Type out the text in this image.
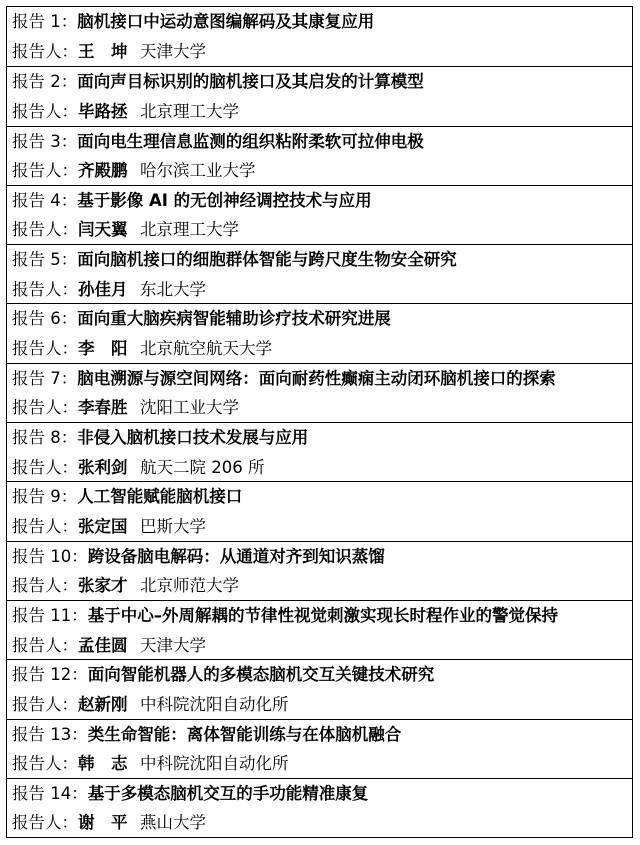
报告 1：脑机接口中运动意图编解码及其康复应用
报告人：王　坤 天津大学
报告 2：面向声目标识别的脑机接口及其启发的计算模型
报告人：毕路拯 北京理工大学
报告 3：面向电生理信息监测的组织粘附柔软可拉伸电极
报告人：齐殿鹏 哈尔滨工业大学
报告 4：基于影像 AI 的无创神经调控技术与应用
报告人：闫天翼 北京理工大学
报告 5：面向脑机接口的细胞群体智能与跨尺度生物安全研究
报告人：孙佳月 东北大学
报告 6：面向重大脑疾病智能辅助诊疗技术研究进展
报告人：李　阳 北京航空航天大学
报告 7：脑电溯源与源空间网络：面向耐药性癫痫主动闭环脑机接口的探索
报告人：李春胜 沈阳工业大学
报告 8：非侵入脑机接口技术发展与应用
报告人：张利剑 航天二院 206 所
报告 9：人工智能赋能脑机接口
报告人：张定国 巴斯大学
报告 10：跨设备脑电解码：从通道对齐到知识蒸馏
报告人：张家才 北京师范大学
报告 11：基于中心–外周解耦的节律性视觉刺激实现长时程作业的警觉保持
报告人：孟佳圆 天津大学
报告 12：面向智能机器人的多模态脑机交互关键技术研究
报告人：赵新刚 中科院沈阳自动化所
报告 13：类生命智能：离体智能训练与在体脑机融合
报告人：韩　志 中科院沈阳自动化所
报告 14：基于多模态脑机交互的手功能精准康复
报告人：谢　平 燕山大学
